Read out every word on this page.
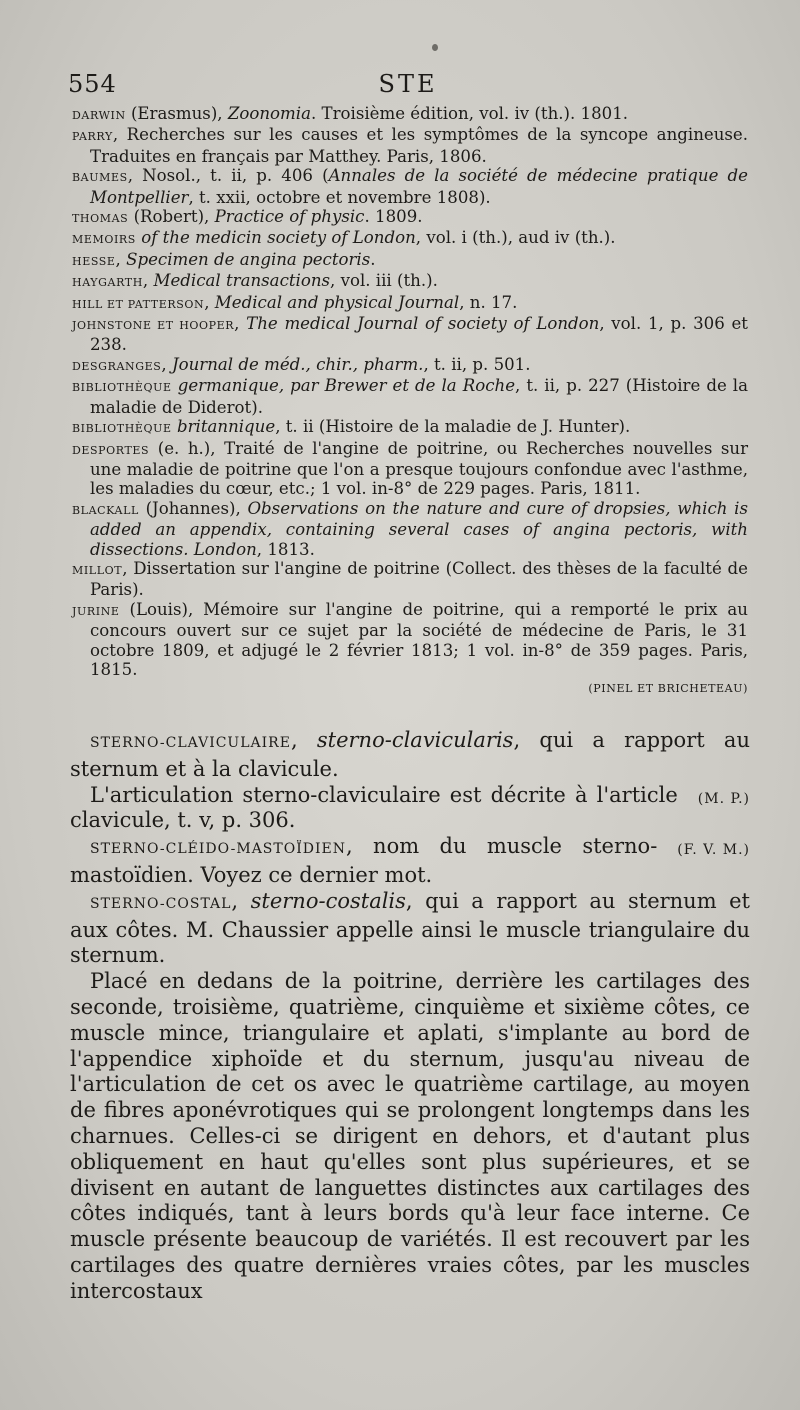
554	STE

DARWIN (Erasmus), Zoonomia. Troisième édition, vol. iv (th.). 1801.

PARRY, Recherches sur les causes et les symptômes de la syncope angineuse. Traduites en français par Matthey. Paris, 1806.

BAUMES, Nosol., t. ii, p. 406 (Annales de la société de médecine pratique de Montpellier, t. xxii, octobre et novembre 1808).

THOMAS (Robert), Practice of physic. 1809.

MEMOIRS of the medicin society of London, vol. i (th.), aud iv (th.).

HESSE, Specimen de angina pectoris.

HAYGARTH, Medical transactions, vol. iii (th.).

HILL ET PATTERSON, Medical and physical Journal, n. 17.

JOHNSTONE ET HOOPER, The medical Journal of society of London, vol. 1, p. 306 et 238.

DESGRANGES, Journal de méd., chir., pharm., t. ii, p. 501.

BIBLIOTHÈQUE germanique, par Brewer et de la Roche, t. ii, p. 227 (Histoire de la maladie de Diderot).

BIBLIOTHÈQUE britannique, t. ii (Histoire de la maladie de J. Hunter).

DESPORTES (e. h.), Traité de l'angine de poitrine, ou Recherches nouvelles sur une maladie de poitrine que l'on a presque toujours confondue avec l'asthme, les maladies du cœur, etc.; 1 vol. in-8° de 229 pages. Paris, 1811.

BLACKALL (Johannes), Observations on the nature and cure of dropsies, which is added an appendix, containing several cases of angina pectoris, with dissections. London, 1813.

MILLOT, Dissertation sur l'angine de poitrine (Collect. des thèses de la faculté de Paris).

JURINE (Louis), Mémoire sur l'angine de poitrine, qui a remporté le prix au concours ouvert sur ce sujet par la société de médecine de Paris, le 31 octobre 1809, et adjugé le 2 février 1813; 1 vol. in-8° de 359 pages. Paris, 1815.

(PINEL ET BRICHETEAU)

STERNO-CLAVICULAIRE, sterno-clavicularis, qui a rapport au sternum et à la clavicule.

(M. P.)
L'articulation sterno-claviculaire est décrite à l'article clavicule, t. v, p. 306.

(F. V. M.)
STERNO-CLÉIDO-MASTOÏDIEN, nom du muscle sterno-mastoïdien. Voyez ce dernier mot.

STERNO-COSTAL, sterno-costalis, qui a rapport au sternum et aux côtes. M. Chaussier appelle ainsi le muscle triangulaire du sternum.

Placé en dedans de la poitrine, derrière les cartilages des seconde, troisième, quatrième, cinquième et sixième côtes, ce muscle mince, triangulaire et aplati, s'implante au bord de l'appendice xiphoïde et du sternum, jusqu'au niveau de l'articulation de cet os avec le quatrième cartilage, au moyen de fibres aponévrotiques qui se prolongent longtemps dans les charnues. Celles-ci se dirigent en dehors, et d'autant plus obliquement en haut qu'elles sont plus supérieures, et se divisent en autant de languettes distinctes aux cartilages des côtes indiqués, tant à leurs bords qu'à leur face interne. Ce muscle présente beaucoup de variétés. Il est recouvert par les cartilages des quatre dernières vraies côtes, par les muscles intercostaux
